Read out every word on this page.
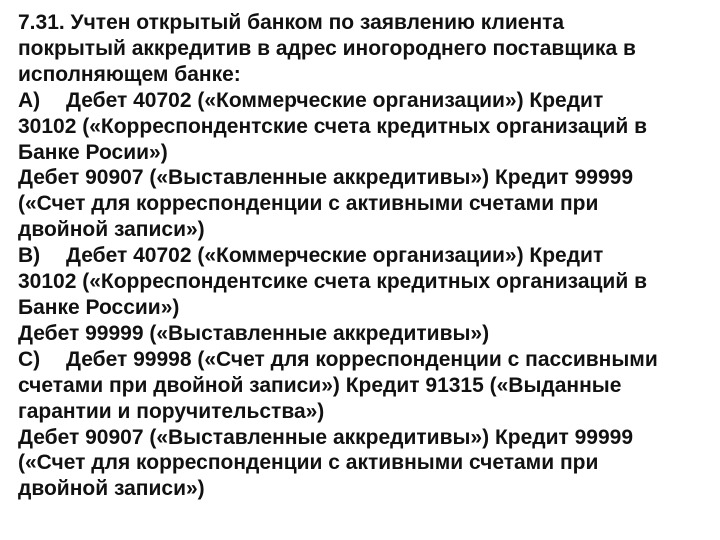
7.31. Учтен открытый банком по заявлению клиента
покрытый аккредитив в адрес иногороднего поставщика в
исполняющем банке:
А) Дебет 40702 («Коммерческие организации») Кредит
30102 («Корреспондентские счета кредитных организаций в
Банке Росии»)
Дебет 90907 («Выставленные аккредитивы») Кредит 99999
(«Счет для корреспонденции с активными счетами при
двойной записи»)
В) Дебет 40702 («Коммерческие организации») Кредит
30102 («Корреспондентсике счета кредитных организаций в
Банке России»)
Дебет 99999 («Выставленные аккредитивы»)
С) Дебет 99998 («Счет для корреспонденции с пассивными
счетами при двойной записи») Кредит 91315 («Выданные
гарантии и поручительства»)
Дебет 90907 («Выставленные аккредитивы») Кредит 99999
(«Счет для корреспонденции с активными счетами при
двойной записи»)
